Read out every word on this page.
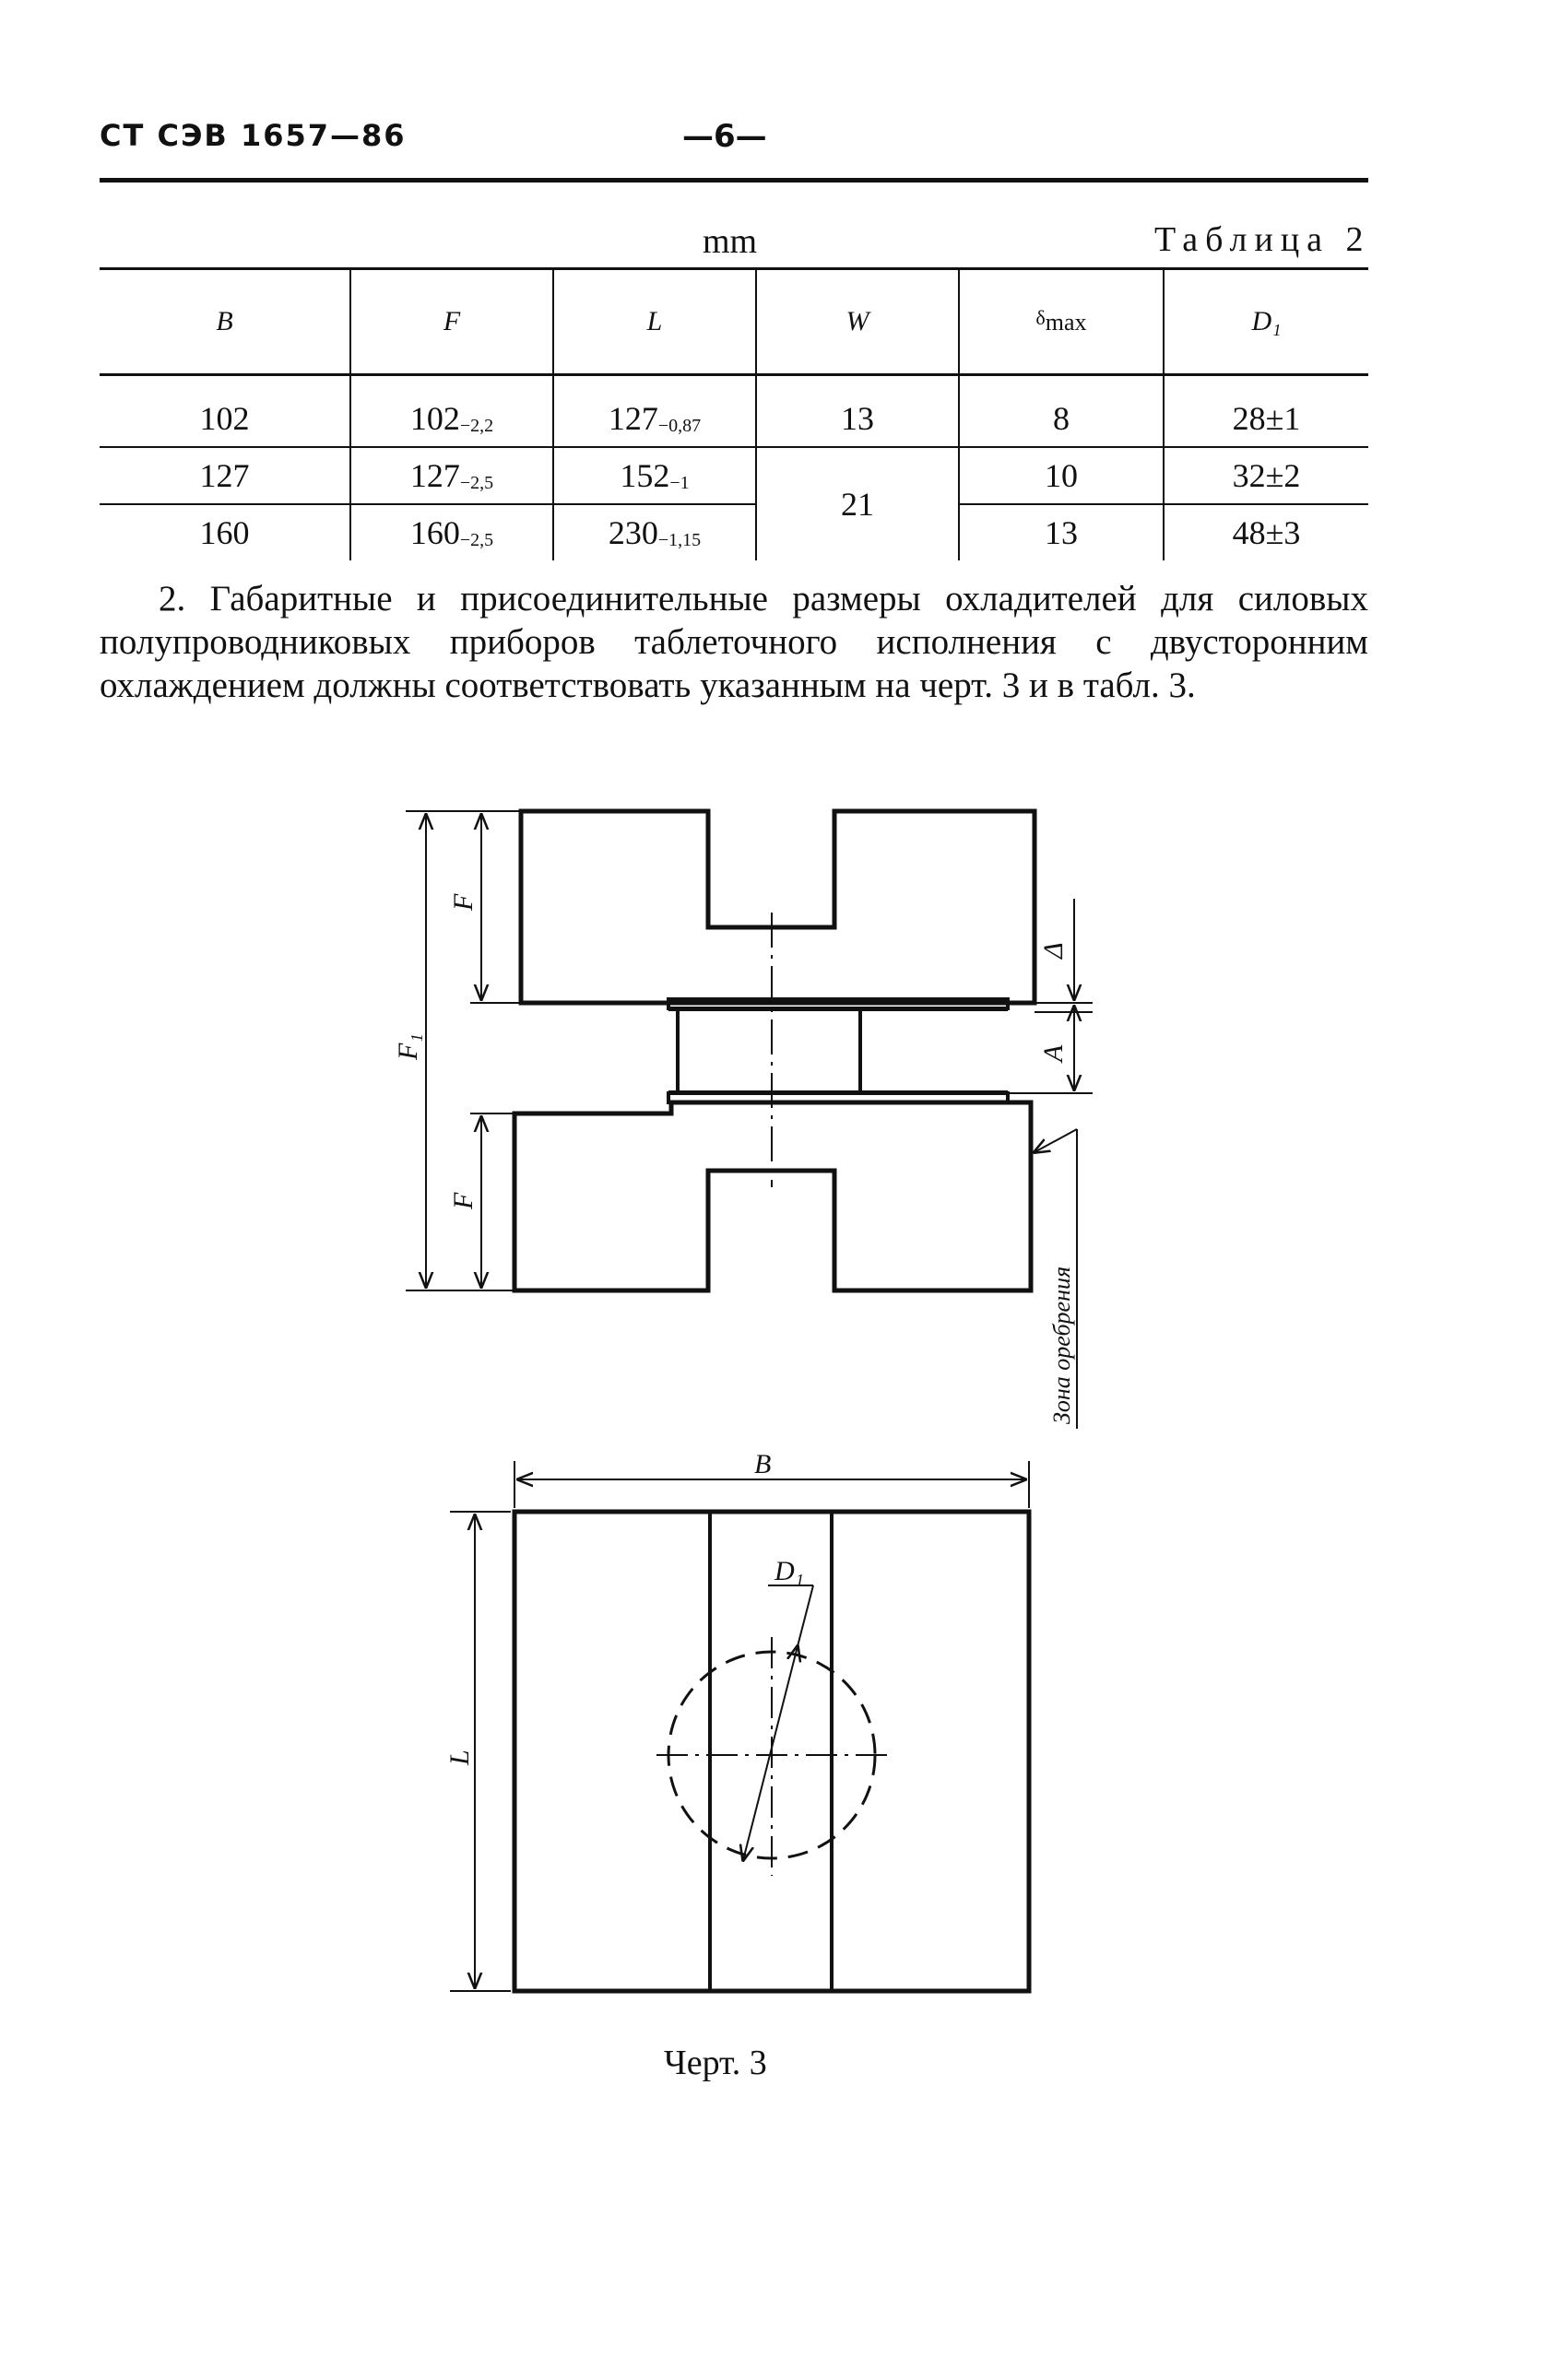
СТ СЭВ 1657—86	—6—
mm	Таблица 2
B	F	L	W	$^\delta$max	D₁

102	$102_{-2,2}$	$127_{-0,87}$	13	8	28±1
127	$127_{-2,5}$	$152_{-1}$	21	10	32±2
160	$160_{-2,5}$	$230_{-1,15}$		13	48±3

2. Габаритные и присоединительные размеры охладителей для силовых полупроводниковых приборов таблеточного исполнения с двусторонним охлаждением должны соответствовать указанным на черт. 3 и в табл. 3.

F
F₁
F
Δ
A
Зона оребрения
B
L
D₁
Черт. 3
